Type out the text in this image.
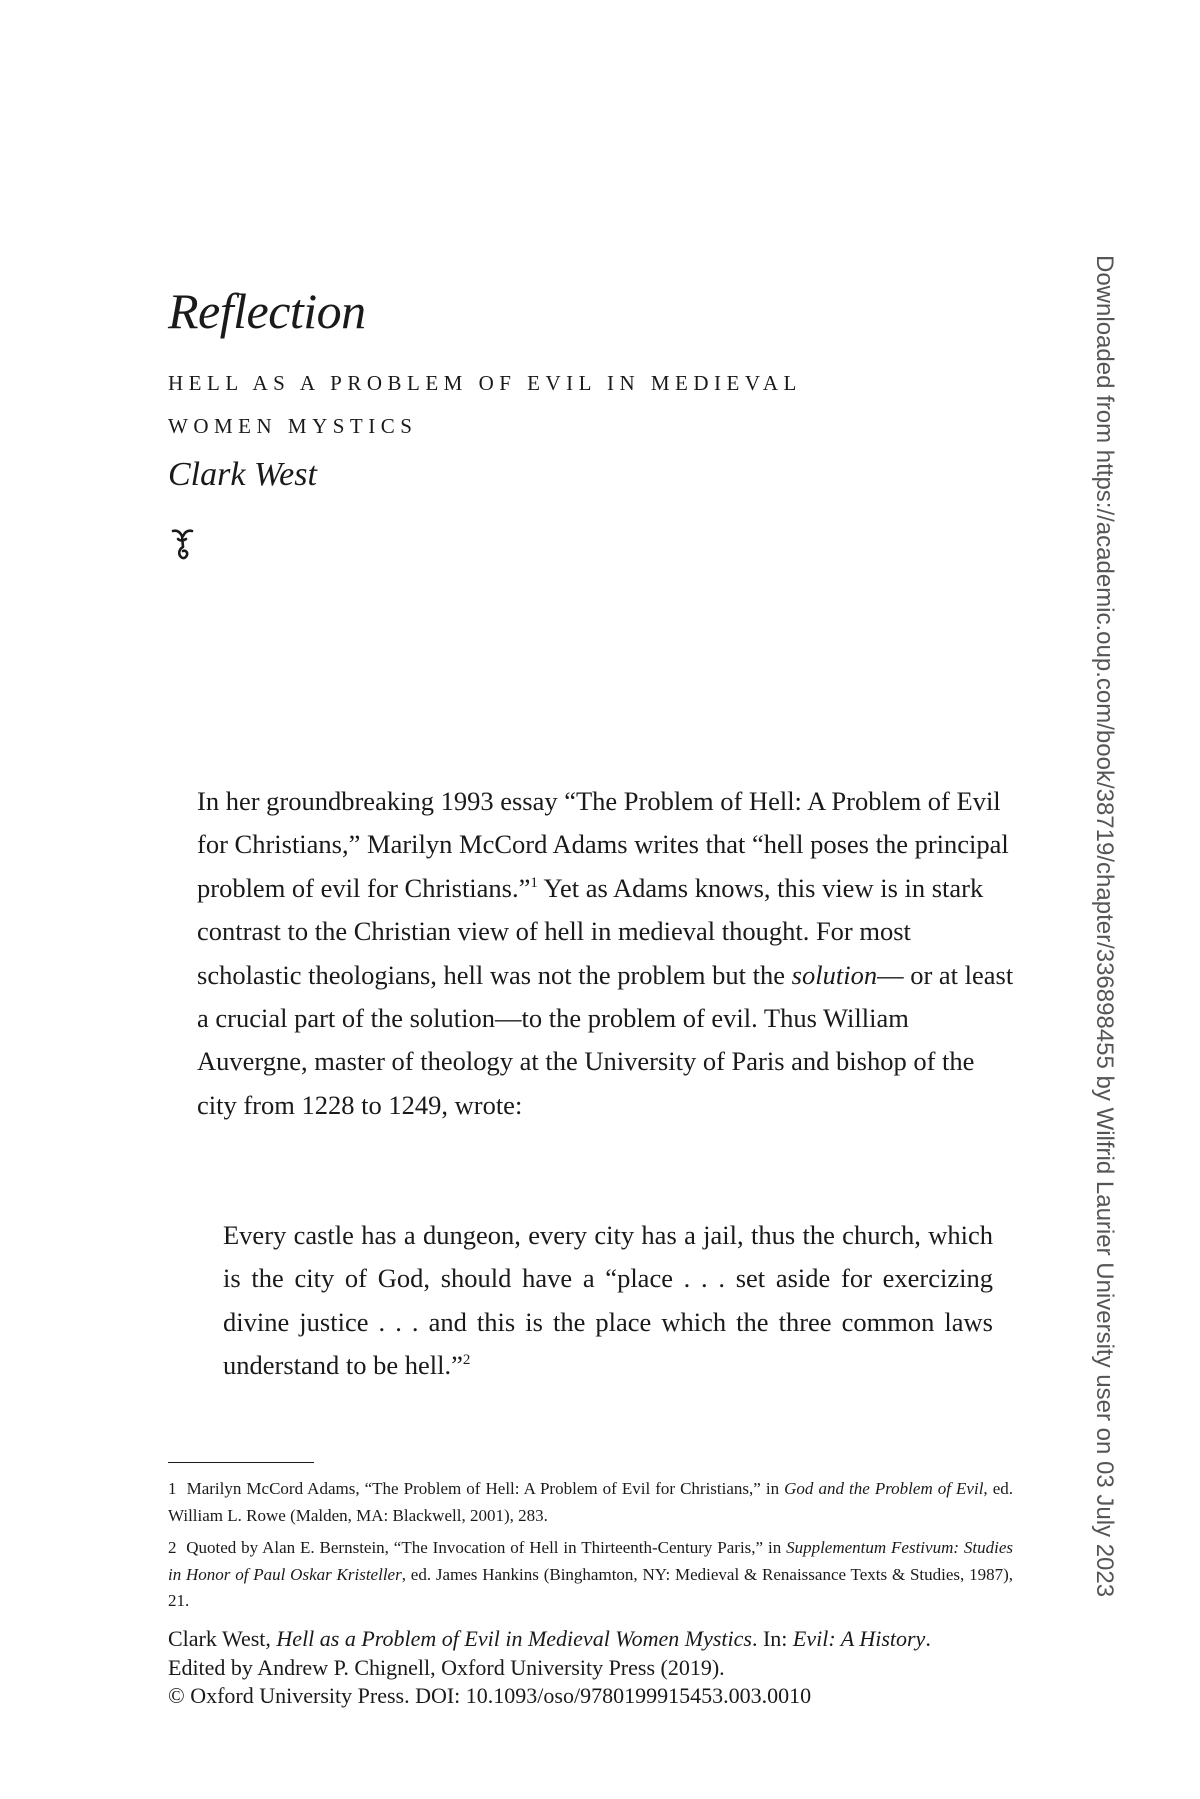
Reflection
HELL AS A PROBLEM OF EVIL IN MEDIEVAL
WOMEN MYSTICS
Clark West

In her groundbreaking 1993 essay “The Problem of Hell: A Problem of Evil for Christians,” Marilyn McCord Adams writes that “hell poses the principal problem of evil for Christians.”$^1$ Yet as Adams knows, this view is in stark contrast to the Christian view of hell in medieval thought. For most scholastic theologians, hell was not the problem but the solution— or at least a crucial part of the solution—to the problem of evil. Thus William Auvergne, master of theology at the University of Paris and bishop of the city from 1228 to 1249, wrote:

Every castle has a dungeon, every city has a jail, thus the church, which is the city of God, should have a “place . . . set aside for exercizing divine justice . . . and this is the place which the three common laws understand to be hell.”$^2$

1 Marilyn McCord Adams, “The Problem of Hell: A Problem of Evil for Christians,” in God and the Problem of Evil, ed. William L. Rowe (Malden, MA: Blackwell, 2001), 283.

2 Quoted by Alan E. Bernstein, “The Invocation of Hell in Thirteenth-Century Paris,” in Supplementum Festivum: Studies in Honor of Paul Oskar Kristeller, ed. James Hankins (Binghamton, NY: Medieval & Renaissance Texts & Studies, 1987), 21.

Clark West, Hell as a Problem of Evil in Medieval Women Mystics. In: Evil: A History.
Edited by Andrew P. Chignell, Oxford University Press (2019).
© Oxford University Press. DOI: 10.1093/oso/9780199915453.003.0010
Downloaded from https://academic.oup.com/book/38719/chapter/336898455 by Wilfrid Laurier University user on 03 July 2023
